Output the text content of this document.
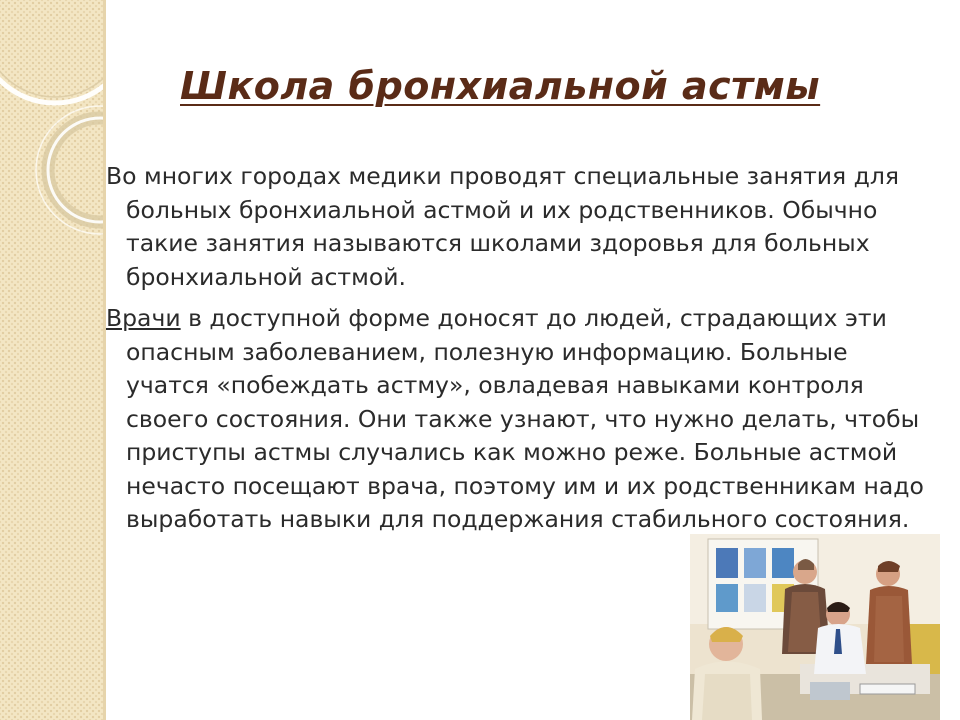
Школа бронхиальной астмы

Во многих городах медики проводят специальные занятия для больных бронхиальной астмой и их родственников. Обычно такие занятия называются школами здоровья для больных бронхиальной астмой.

Врачи в доступной форме доносят до людей, страдающих эти опасным заболеванием, полезную информацию. Больные учатся «побеждать астму», овладевая навыками контроля своего состояния. Они также узнают, что нужно делать, чтобы приступы астмы случались как можно реже. Больные астмой нечасто посещают врача, поэтому им и их родственникам надо выработать навыки для поддержания стабильного состояния.
